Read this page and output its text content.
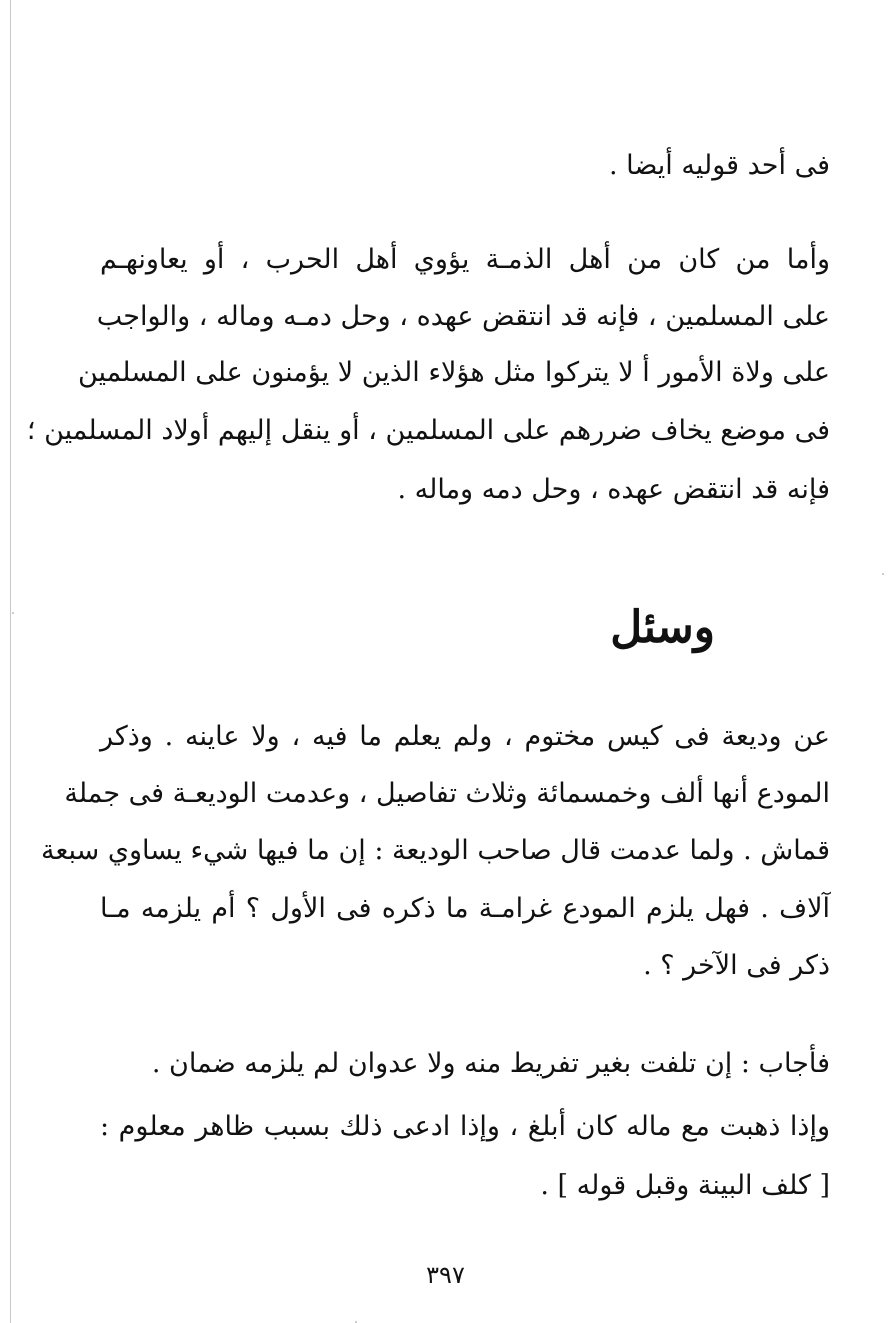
فى أحد قوليه أيضا .
وأما من كان من أهل الذمـة يؤوي أهل الحرب ، أو يعاونهـم
على المسلمين ، فإنه قد انتقض عهده ، وحل دمـه وماله ، والواجب
على ولاة الأمور أ لا يتركوا مثل هؤلاء الذين لا يؤمنون على المسلمين
فى موضع يخاف ضررهم على المسلمين ، أو ينقل إليهم أولاد المسلمين ؛
فإنه قد انتقض عهده ، وحل دمه وماله .
وسئل
عن وديعة فى كيس مختوم ، ولم يعلم ما فيه ، ولا عاينه . وذكر
المودع أنها ألف وخمسمائة وثلاث تفاصيل ، وعدمت الوديعـة فى جملة
قماش . ولما عدمت قال صاحب الوديعة : إن ما فيها شيء يساوي سبعة
آلاف . فهل يلزم المودع غرامـة ما ذكره فى الأول ؟ أم يلزمه مـا
ذكر فى الآخر ؟ .
فأجاب : إن تلفت بغير تفريط منه ولا عدوان لم يلزمه ضمان .
وإذا ذهبت مع ماله كان أبلغ ، وإذا ادعى ذلك بسبب ظاهر معلوم :
[ كلف البينة وقبل قوله ] .
٣٩٧
